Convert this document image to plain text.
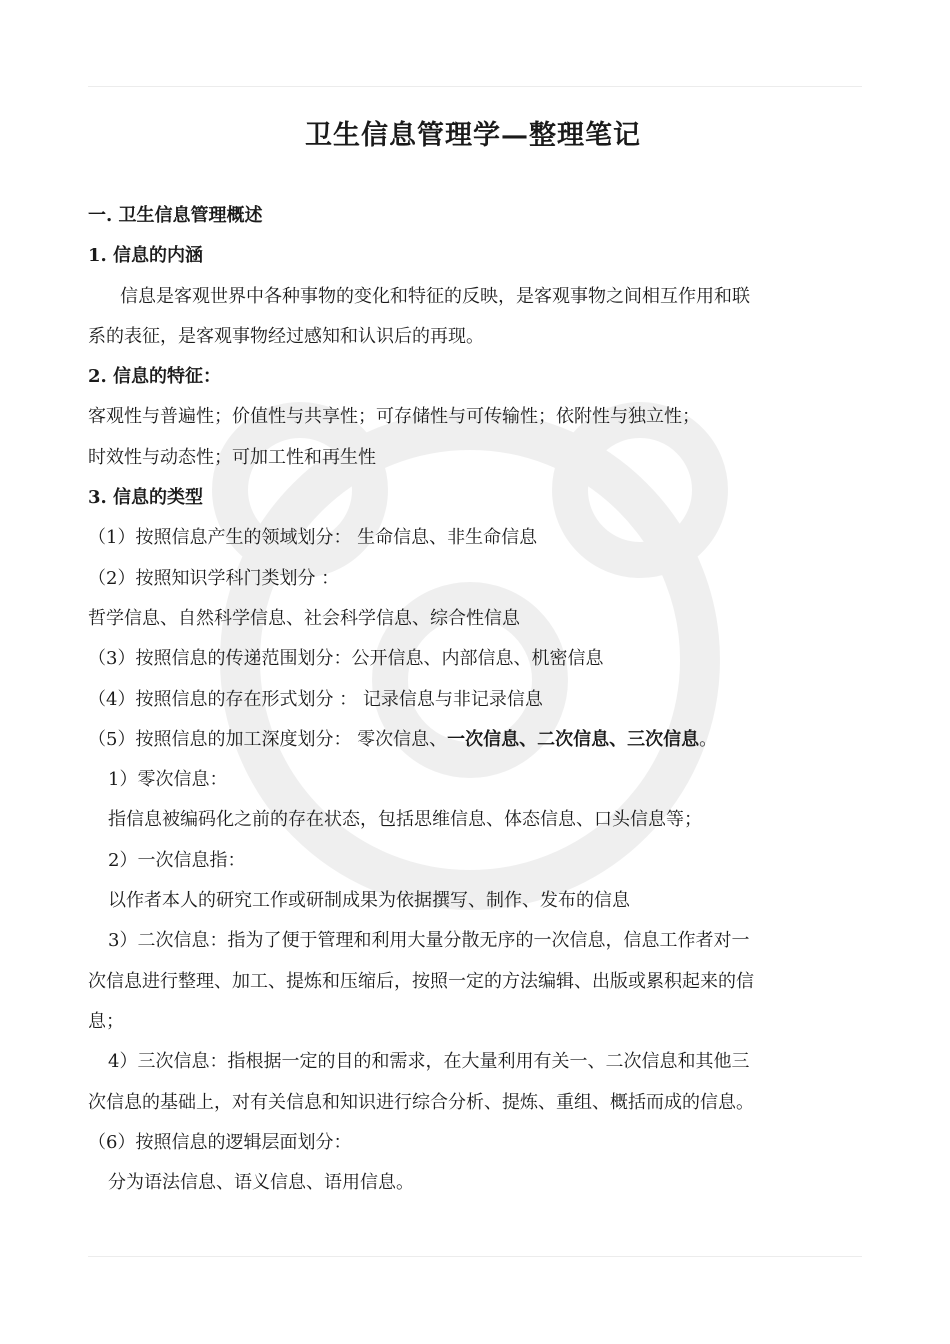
卫生信息管理学—整理笔记
一. 卫生信息管理概述
1. 信息的内涵
信息是客观世界中各种事物的变化和特征的反映，是客观事物之间相互作用和联
系的表征，是客观事物经过感知和认识后的再现。
2. 信息的特征：
客观性与普遍性；价值性与共享性；可存储性与可传输性；依附性与独立性；
时效性与动态性；可加工性和再生性
3. 信息的类型
（1）按照信息产生的领域划分： 生命信息、非生命信息
（2）按照知识学科门类划分 ：
哲学信息、自然科学信息、社会科学信息、综合性信息
（3）按照信息的传递范围划分：公开信息、内部信息、机密信息
（4）按照信息的存在形式划分 ： 记录信息与非记录信息
（5）按照信息的加工深度划分： 零次信息、一次信息、二次信息、三次信息。
1）零次信息：
指信息被编码化之前的存在状态，包括思维信息、体态信息、口头信息等；
2）一次信息指：
以作者本人的研究工作或研制成果为依据撰写、制作、发布的信息
3）二次信息：指为了便于管理和利用大量分散无序的一次信息，信息工作者对一
次信息进行整理、加工、提炼和压缩后，按照一定的方法编辑、出版或累积起来的信
息；
4）三次信息：指根据一定的目的和需求，在大量利用有关一、二次信息和其他三
次信息的基础上，对有关信息和知识进行综合分析、提炼、重组、概括而成的信息。
（6）按照信息的逻辑层面划分：
分为语法信息、语义信息、语用信息。
